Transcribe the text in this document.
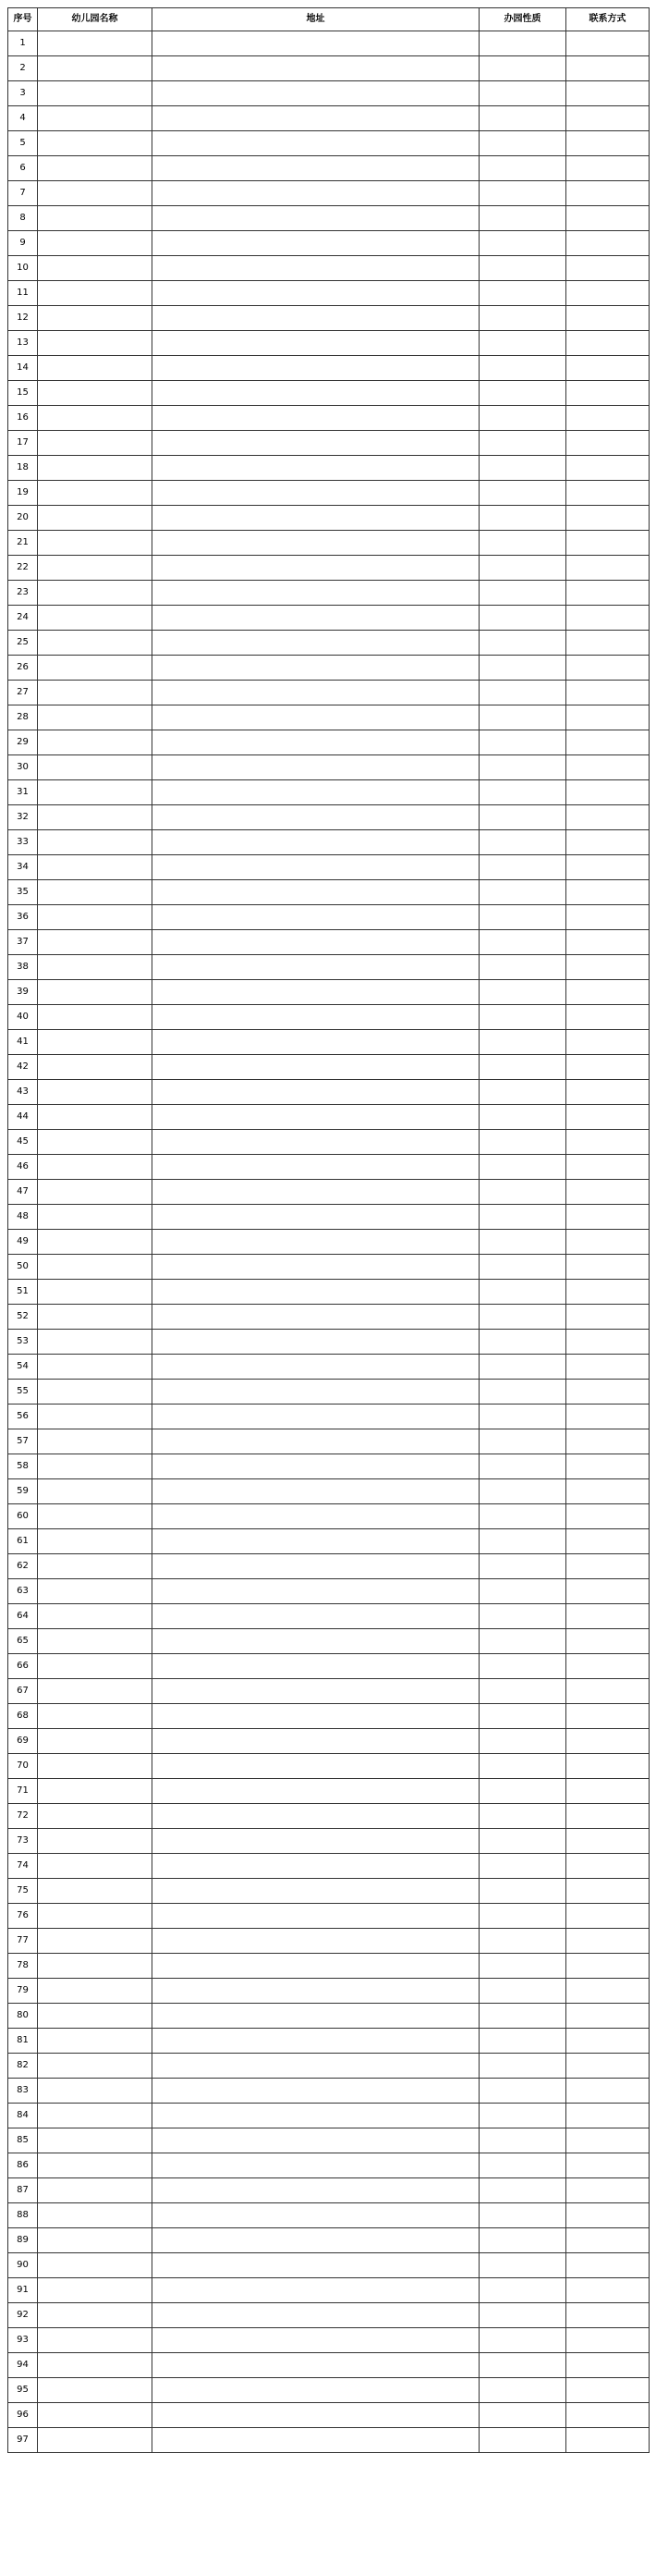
序号	幼儿园名称	地址	办园性质	联系方式
1				
2				
3				
4				
5				
6				
7				
8				
9				
10				
11				
12				
13				
14				
15				
16				
17				
18				
19				
20				
21				
22				
23				
24				
25				
26				
27				
28				
29				
30				
31				
32				
33				
34				
35				
36				
37				
38				
39				
40				
41				
42				
43				
44				
45				
46				
47				
48				
49				
50				
51				
52				
53				
54				
55				
56				
57				
58				
59				
60				
61				
62				
63				
64				
65				
66				
67				
68				
69				
70				
71				
72				
73				
74				
75				
76				
77				
78				
79				
80				
81				
82				
83				
84				
85				
86				
87				
88				
89				
90				
91				
92				
93				
94				
95				
96				
97				
